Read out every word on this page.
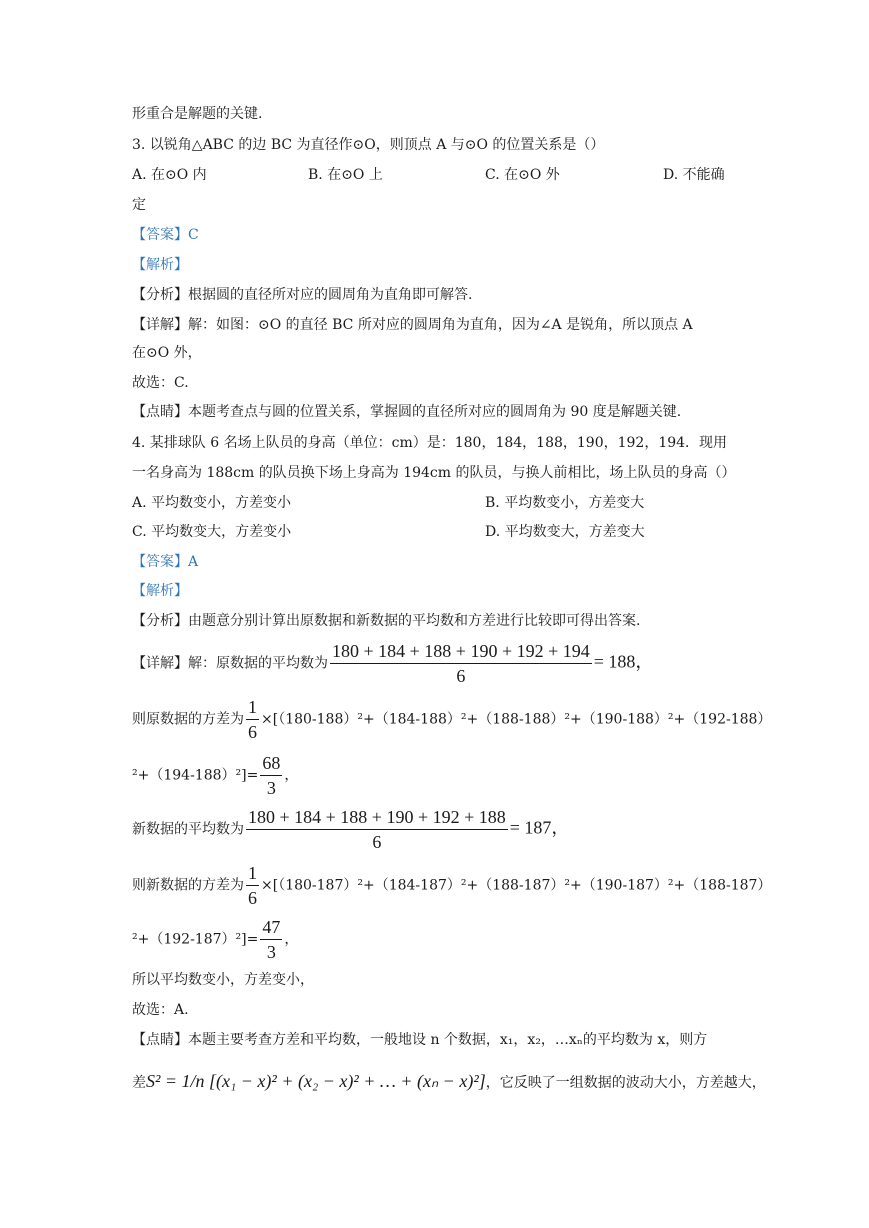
形重合是解题的关键.
3. 以锐角△ABC 的边 BC 为直径作⊙O，则顶点 A 与⊙O 的位置关系是（）
A. 在⊙O 内	B. 在⊙O 上	C. 在⊙O 外	D. 不能确
定
【答案】C
【解析】
【分析】根据圆的直径所对应的圆周角为直角即可解答.
【详解】解：如图：⊙O 的直径 BC 所对应的圆周角为直角，因为∠A 是锐角，所以顶点 A
在⊙O 外，
故选：C.
【点睛】本题考查点与圆的位置关系，掌握圆的直径所对应的圆周角为 90 度是解题关键.
4. 某排球队 6 名场上队员的身高（单位：cm）是：180，184，188，190，192，194．现用
一名身高为 188cm 的队员换下场上身高为 194cm 的队员，与换人前相比，场上队员的身高（）
A. 平均数变小，方差变小	B. 平均数变小，方差变大
C. 平均数变大，方差变小	D. 平均数变大，方差变大
【答案】A
【解析】
【分析】由题意分别计算出原数据和新数据的平均数和方差进行比较即可得出答案.
【详解】解：原数据的平均数为 $\frac{180 + 184 + 188 + 190 + 192 + 194}{6} = 188$，
则原数据的方差为 $\frac{1}{6} \times[(180-188)^2+(184-188)^2+(188-188)^2+(190-188)^2+(192-188)$
$^2+(194-188)^2]= \frac{68}{3}$ ，
新数据的平均数为 $\frac{180 + 184 + 188 + 190 + 192 + 188}{6} = 187$，
则新数据的方差为 $\frac{1}{6} \times[(180-187)^2+(184-187)^2+(188-187)^2+(190-187)^2+(188-187)$
$^2+(192-187)^2]= \frac{47}{3}$ ，
所以平均数变小，方差变小，
故选：A.
【点睛】本题主要考查方差和平均数，一般地设 n 个数据，x₁，x₂，…xₙ的平均数为 x，则方
差S² = 1/n [(x₁ − x)² + (x₂ − x)² + … + (xₙ − x)²]，它反映了一组数据的波动大小，方差越大，
